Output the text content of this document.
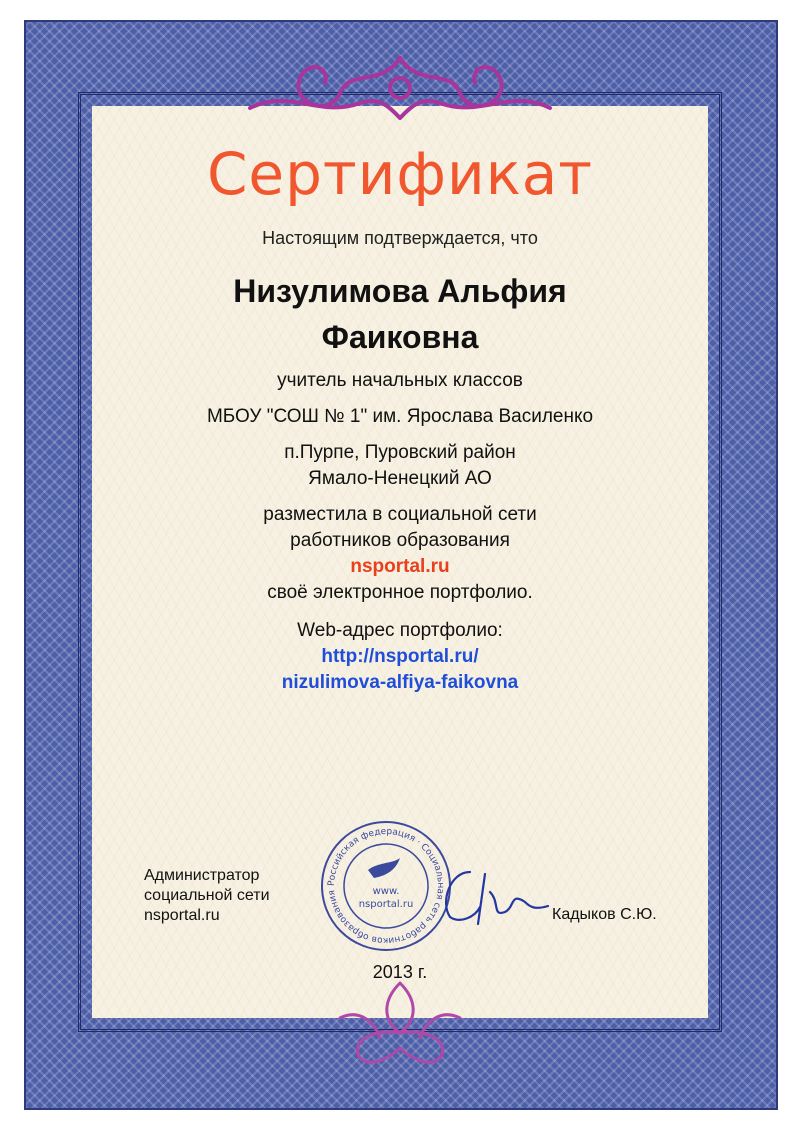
Сертификат
Настоящим подтверждается, что
Низулимова Альфия
Фаиковна
учитель начальных классов
МБОУ "СОШ № 1" им. Ярослава Василенко
п.Пурпе, Пуровский район
Ямало-Ненецкий АО
разместила в социальной сети
работников образования
nsportal.ru
своё электронное портфолио.
Web-адрес портфолио:
http://nsportal.ru/
nizulimova-alfiya-faikovna
Администратор
социальной сети
nsportal.ru
Российская федерация · Социальная сеть работников образования	www.
nsportal.ru
Кадыков С.Ю.
2013 г.
